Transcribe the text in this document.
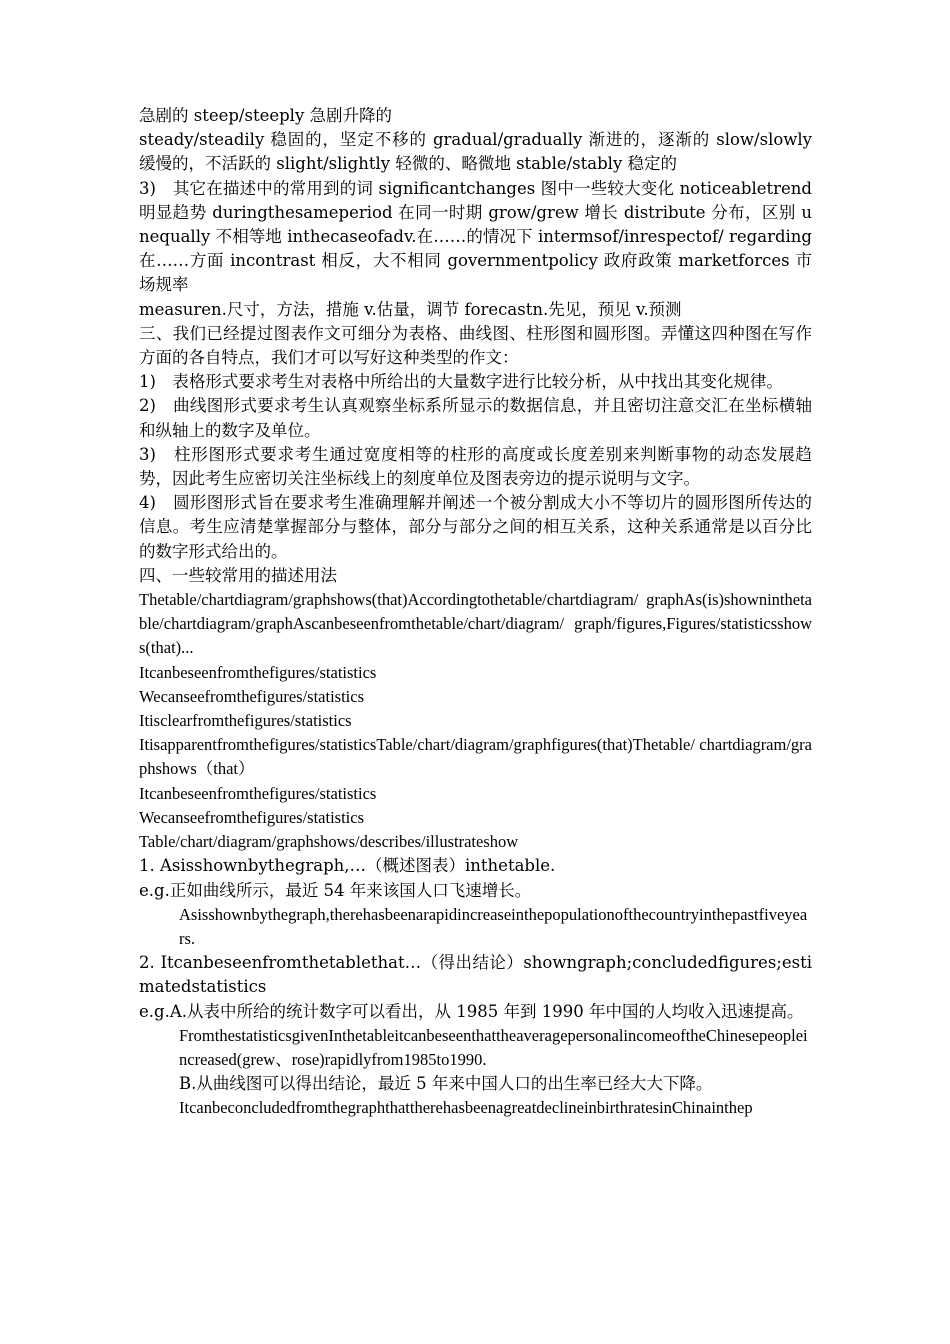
急剧的 steep/steeply 急剧升降的

steady/steadily 稳固的，坚定不移的 gradual/gradually 渐进的，逐渐的 slow/slowly 缓慢的，不活跃的 slight/slightly 轻微的、略微地 stable/stably 稳定的

3)　其它在描述中的常用到的词 significantchanges 图中一些较大变化 noticeabletrend 明显趋势 duringthesameperiod 在同一时期 grow/grew 增长 distribute 分布，区别 unequally 不相等地 inthecaseofadv.在……的情况下 intermsof/inrespectof/ regarding 在……方面 incontrast 相反，大不相同 governmentpolicy 政府政策 marketforces 市场规率

measuren.尺寸，方法，措施 v.估量，调节 forecastn.先见，预见 v.预测

三、我们已经提过图表作文可细分为表格、曲线图、柱形图和圆形图。弄懂这四种图在写作方面的各自特点，我们才可以写好这种类型的作文：

1)　表格形式要求考生对表格中所给出的大量数字进行比较分析，从中找出其变化规律。

2)　曲线图形式要求考生认真观察坐标系所显示的数据信息，并且密切注意交汇在坐标横轴和纵轴上的数字及单位。

3)　柱形图形式要求考生通过宽度相等的柱形的高度或长度差别来判断事物的动态发展趋势，因此考生应密切关注坐标线上的刻度单位及图表旁边的提示说明与文字。

4)　圆形图形式旨在要求考生准确理解并阐述一个被分割成大小不等切片的圆形图所传达的信息。考生应清楚掌握部分与整体，部分与部分之间的相互关系，这种关系通常是以百分比的数字形式给出的。

四、一些较常用的描述用法

Thetable/chartdiagram/graphshows(that)Accordingtothetable/chartdiagram/ graphAs(is)showninthetable/chartdiagram/graphAscanbeseenfromthetable/chart/diagram/ graph/figures,Figures/statisticsshows(that)...

Itcanbeseenfromthefigures/statistics

Wecanseefromthefigures/statistics

Itisclearfromthefigures/statistics

Itisapparentfromthefigures/statisticsTable/chart/diagram/graphfigures(that)Thetable/ chartdiagram/graphshows（that）

Itcanbeseenfromthefigures/statistics

Wecanseefromthefigures/statistics

Table/chart/diagram/graphshows/describes/illustrateshow

1. Asisshownbythegraph,…（概述图表）inthetable.

e.g.正如曲线所示，最近 54 年来该国人口飞速增长。

Asisshownbythegraph,therehasbeenarapidincreaseinthepopulationofthecountryinthepastfiveyears.

2. Itcanbeseenfromthetablethat…（得出结论）showngraph;concludedfigures;estimatedstatistics

e.g.A.从表中所给的统计数字可以看出，从 1985 年到 1990 年中国的人均收入迅速提高。

FromthestatisticsgivenInthetableitcanbeseenthattheaveragepersonalincomeoftheChinesepeopleincreased(grew、rose)rapidlyfrom1985to1990.

B.从曲线图可以得出结论，最近 5 年来中国人口的出生率已经大大下降。

ItcanbeconcludedfromthegraphthattherehasbeenagreatdeclineinbirthratesinChinainthep
